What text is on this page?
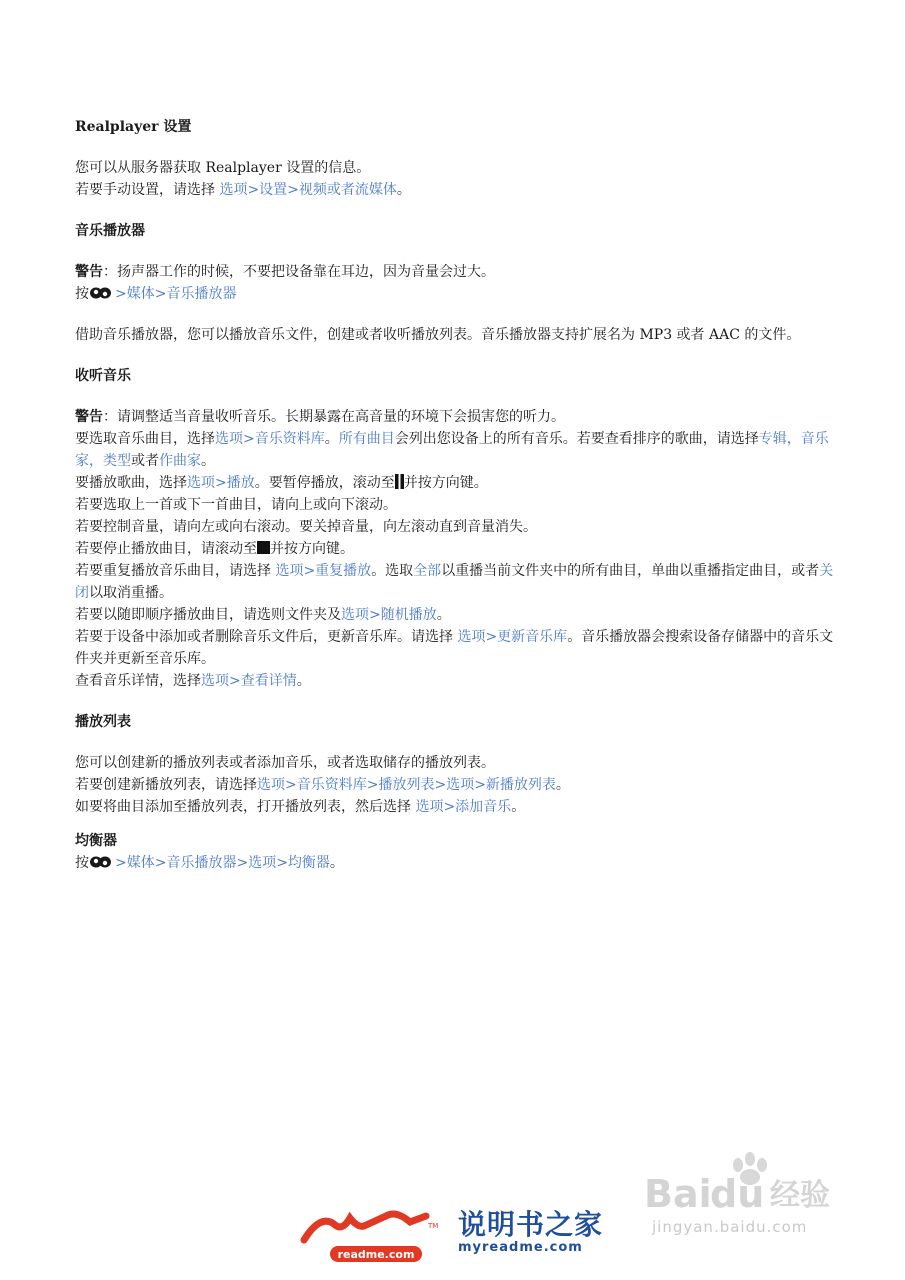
Realplayer 设置

您可以从服务器获取 Realplayer 设置的信息。

若要手动设置，请选择 选项>设置>视频或者流媒体。

音乐播放器

警告：扬声器工作的时候，不要把设备靠在耳边，因为音量会过大。

按 >媒体>音乐播放器

借助音乐播放器，您可以播放音乐文件，创建或者收听播放列表。音乐播放器支持扩展名为 MP3 或者 AAC 的文件。

收听音乐

警告：请调整适当音量收听音乐。长期暴露在高音量的环境下会损害您的听力。

要选取音乐曲目，选择选项>音乐资料库。所有曲目会列出您设备上的所有音乐。若要查看排序的歌曲，请选择专辑，音乐家，类型或者作曲家。

要播放歌曲，选择选项>播放。要暂停播放，滚动至 并按方向键。

若要选取上一首或下一首曲目，请向上或向下滚动。

若要控制音量，请向左或向右滚动。要关掉音量，向左滚动直到音量消失。

若要停止播放曲目，请滚动至 并按方向键。

若要重复播放音乐曲目，请选择 选项>重复播放。选取全部以重播当前文件夹中的所有曲目，单曲以重播指定曲目，或者关闭以取消重播。

若要以随即顺序播放曲目，请选则文件夹及选项>随机播放。

若要于设备中添加或者删除音乐文件后，更新音乐库。请选择 选项>更新音乐库。音乐播放器会搜索设备存储器中的音乐文件夹并更新至音乐库。

查看音乐详情，选择选项>查看详情。

播放列表

您可以创建新的播放列表或者添加音乐，或者选取储存的播放列表。

若要创建新播放列表，请选择选项>音乐资料库>播放列表>选项>新播放列表。

如要将曲目添加至播放列表，打开播放列表，然后选择 选项>添加音乐。

均衡器

按 >媒体>音乐播放器>选项>均衡器。

Bai
du 经验
jingyan.baidu.com
readme.com
TM 说明书之家
myreadme.com
